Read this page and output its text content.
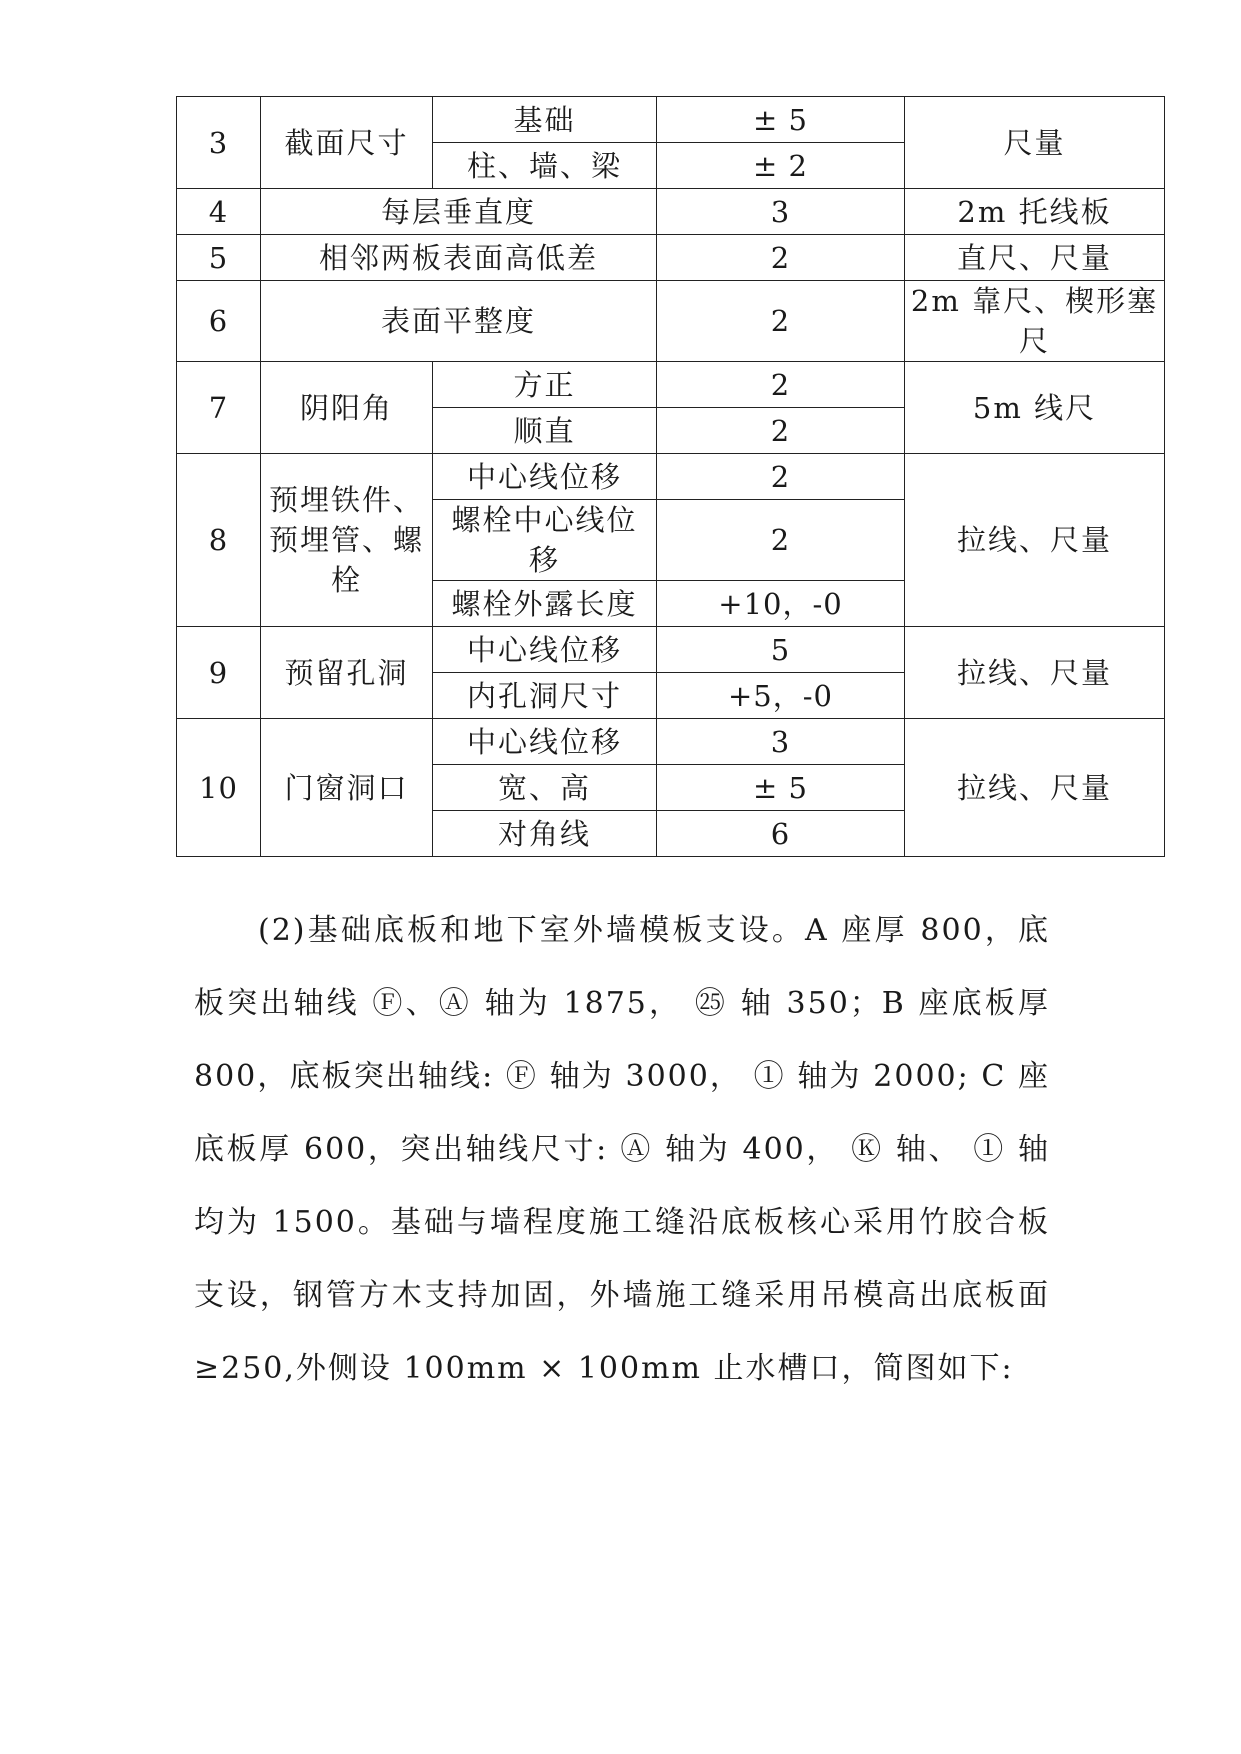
3	截面尺寸	基础	± 5	尺量
		柱、墙、梁	± 2	
4	每层垂直度		3	2m 托线板
5	相邻两板表面高低差		2	直尺、尺量
6	表面平整度		2	2m 靠尺、楔形塞尺
7	阴阳角	方正	2	5m 线尺
		顺直	2	
8	预埋铁件、预埋管、螺栓	中心线位移	2	拉线、尺量
		螺栓中心线位移	2	
		螺栓外露长度	+10，-0	
9	预留孔洞	中心线位移	5	拉线、尺量
		内孔洞尺寸	+5，-0	
10	门窗洞口	中心线位移	3	拉线、尺量
		宽、高	± 5	
		对角线	6	

(2)基础底板和地下室外墙模板支设。A 座厚 800，底板突出轴线 Ⓕ、Ⓐ 轴为 1875， ㉕ 轴 350；B 座底板厚 800，底板突出轴线: Ⓕ 轴为 3000， ① 轴为 2000; C 座底板厚 600，突出轴线尺寸: Ⓐ 轴为 400， Ⓚ 轴、 ① 轴均为 1500。基础与墙程度施工缝沿底板核心采用竹胶合板支设，钢管方木支持加固，外墙施工缝采用吊模高出底板面≥250,外侧设 100mm × 100mm 止水槽口，简图如下:
